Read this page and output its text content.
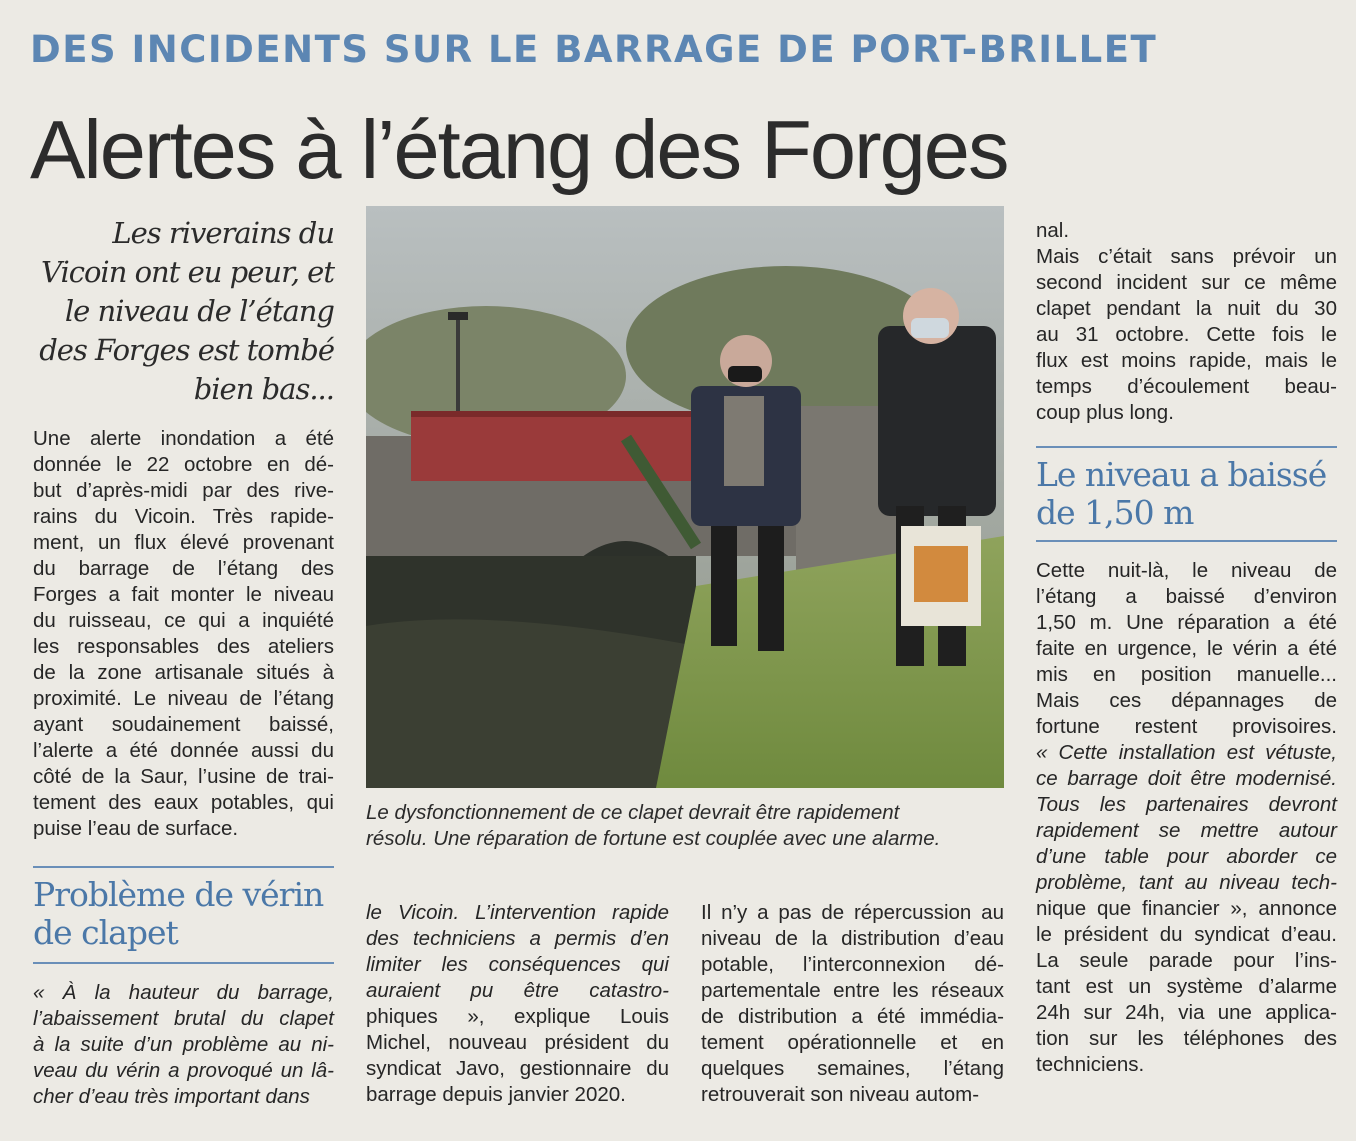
DES INCIDENTS SUR LE BARRAGE DE PORT-BRILLET
Alertes à l’étang des Forges
Les riverains du
Vicoin ont eu peur, et
le niveau de l’étang
des Forges est tombé
bien bas...
Une alerte inondation a été
donnée le 22 octobre en dé-
but d’après-midi par des rive-
rains du Vicoin. Très rapide-
ment, un flux élevé provenant
du barrage de l’étang des
Forges a fait monter le niveau
du ruisseau, ce qui a inquiété
les responsables des ateliers
de la zone artisanale situés à
proximité. Le niveau de l’étang
ayant soudainement baissé,
l’alerte a été donnée aussi du
côté de la Saur, l’usine de trai-
tement des eaux potables, qui
puise l’eau de surface.
Problème de vérin
de clapet
« À la hauteur du barrage,
l’abaissement brutal du clapet
à la suite d’un problème au ni-
veau du vérin a provoqué un lâ-
cher d’eau très important dans
Le dysfonctionnement de ce clapet devrait être rapidement
résolu. Une réparation de fortune est couplée avec une alarme.
le Vicoin. L’intervention rapide
des techniciens a permis d’en
limiter les conséquences qui
auraient pu être catastro-
phiques », explique Louis
Michel, nouveau président du
syndicat Javo, gestionnaire du
barrage depuis janvier 2020.
Il n’y a pas de répercussion au
niveau de la distribution d’eau
potable, l’interconnexion dé-
partementale entre les réseaux
de distribution a été immédia-
tement opérationnelle et en
quelques semaines, l’étang
retrouverait son niveau autom-
nal.
Mais c’était sans prévoir un
second incident sur ce même
clapet pendant la nuit du 30
au 31 octobre. Cette fois le
flux est moins rapide, mais le
temps d’écoulement beau-
coup plus long.
Le niveau a baissé
de 1,50 m
Cette nuit-là, le niveau de
l’étang a baissé d’environ
1,50 m. Une réparation a été
faite en urgence, le vérin a été
mis en position manuelle...
Mais ces dépannages de
fortune restent provisoires.
« Cette installation est vétuste,
ce barrage doit être modernisé.
Tous les partenaires devront
rapidement se mettre autour
d’une table pour aborder ce
problème, tant au niveau tech-
nique que financier », annonce
le président du syndicat d’eau.
La seule parade pour l’ins-
tant est un système d’alarme
24h sur 24h, via une applica-
tion sur les téléphones des
techniciens.
